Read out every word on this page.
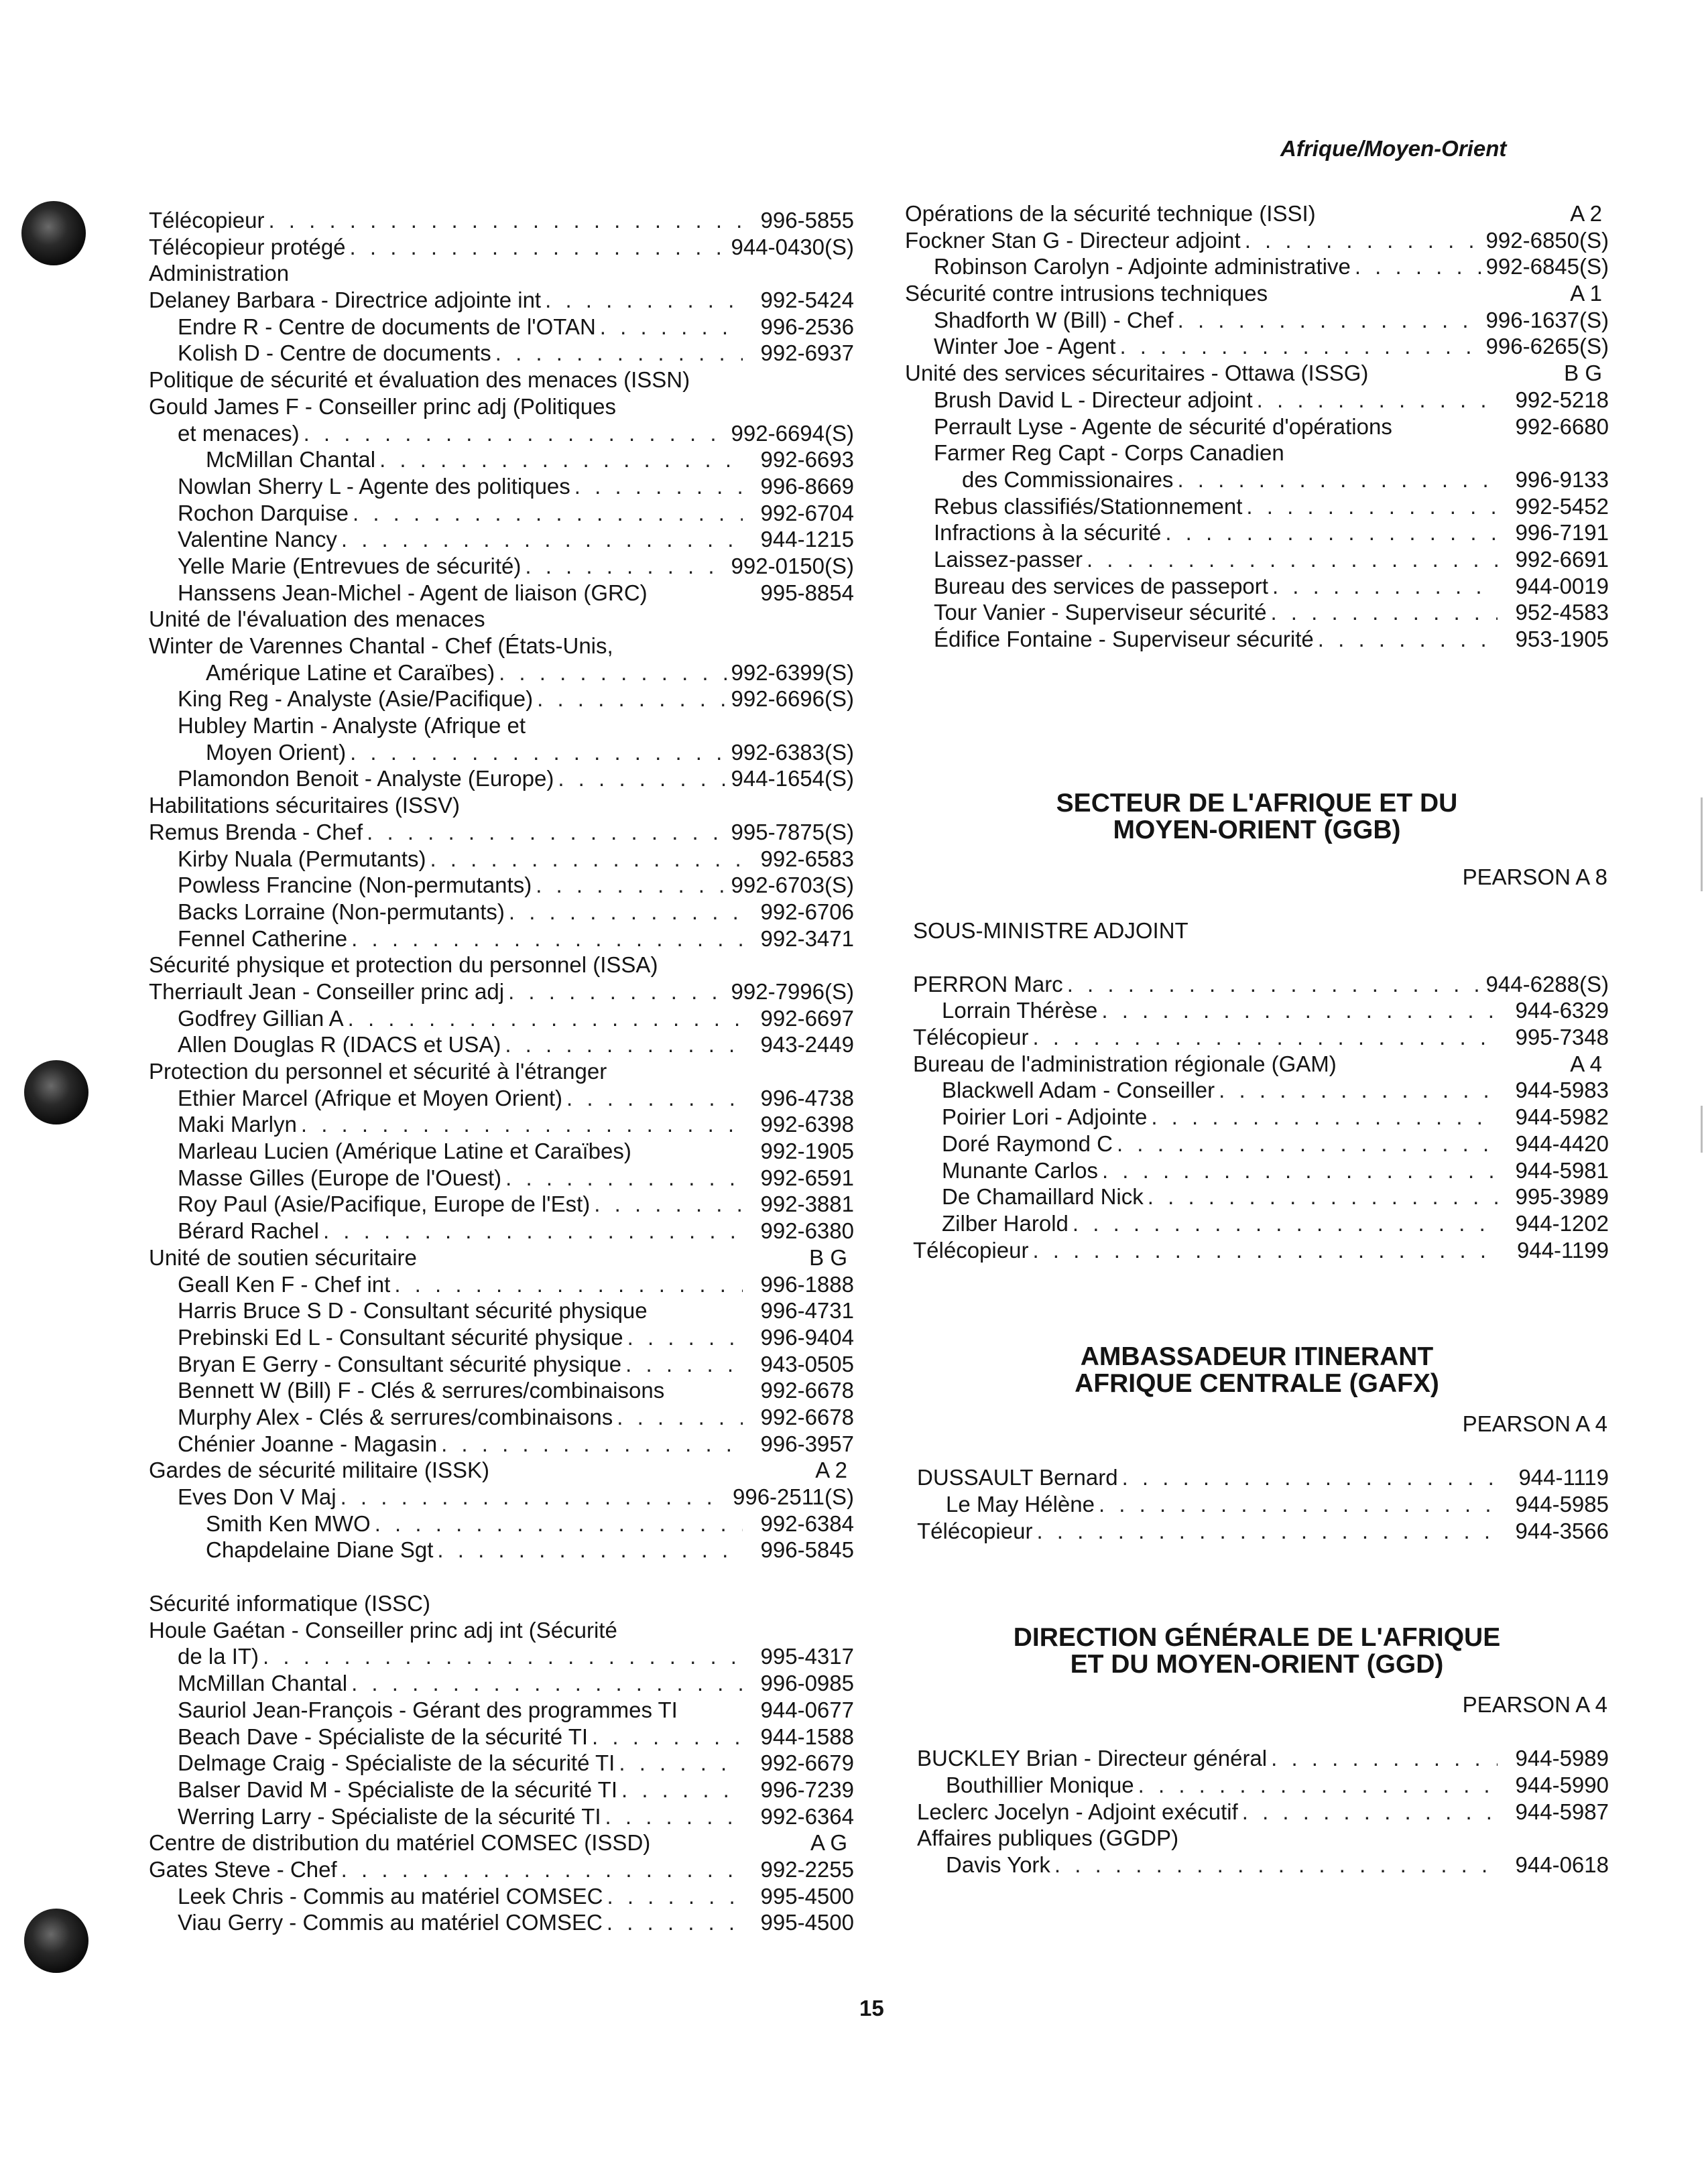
Afrique/Moyen-Orient
Télécopieur . . .	996-5855
Télécopieur protégé . . .	944-0430(S)
Administration
Delaney Barbara - Directrice adjointe int . . .	992-5424
Endre R - Centre de documents de l'OTAN . . .	996-2536
Kolish D - Centre de documents . . .	992-6937
Politique de sécurité et évaluation des menaces (ISSN)
Gould James F - Conseiller princ adj (Politiques
et menaces) . . .	992-6694(S)
McMillan Chantal . . .	992-6693
Nowlan Sherry L - Agente des politiques . . .	996-8669
Rochon Darquise . . .	992-6704
Valentine Nancy . . .	944-1215
Yelle Marie (Entrevues de sécurité) . . .	992-0150(S)
Hanssens Jean-Michel - Agent de liaison (GRC)	995-8854
Unité de l'évaluation des menaces
Winter de Varennes Chantal - Chef (États-Unis,
Amérique Latine et Caraïbes) . . .	992-6399(S)
King Reg - Analyste (Asie/Pacifique) . . .	992-6696(S)
Hubley Martin - Analyste (Afrique et
Moyen Orient) . . .	992-6383(S)
Plamondon Benoit - Analyste (Europe) . . .	944-1654(S)
Habilitations sécuritaires (ISSV)
Remus Brenda - Chef . . .	995-7875(S)
Kirby Nuala (Permutants) . . .	992-6583
Powless Francine (Non-permutants) . . .	992-6703(S)
Backs Lorraine (Non-permutants) . . .	992-6706
Fennel Catherine . . .	992-3471
Sécurité physique et protection du personnel (ISSA)
Therriault Jean - Conseiller princ adj . . .	992-7996(S)
Godfrey Gillian A . . .	992-6697
Allen Douglas R (IDACS et USA) . . .	943-2449
Protection du personnel et sécurité à l'étranger
Ethier Marcel (Afrique et Moyen Orient) . . .	996-4738
Maki Marlyn . . .	992-6398
Marleau Lucien (Amérique Latine et Caraïbes)	992-1905
Masse Gilles (Europe de l'Ouest) . . .	992-6591
Roy Paul (Asie/Pacifique, Europe de l'Est) . . .	992-3881
Bérard Rachel . . .	992-6380
Unité de soutien sécuritaire	B G
Geall Ken F - Chef int . . .	996-1888
Harris Bruce S D - Consultant sécurité physique	996-4731
Prebinski Ed L - Consultant sécurité physique . . .	996-9404
Bryan E Gerry - Consultant sécurité physique . . .	943-0505
Bennett W (Bill) F - Clés & serrures/combinaisons	992-6678
Murphy Alex - Clés & serrures/combinaisons . . .	992-6678
Chénier Joanne - Magasin . . .	996-3957
Gardes de sécurité militaire (ISSK)	A 2
Eves Don V Maj . . .	996-2511(S)
Smith Ken MWO . . .	992-6384
Chapdelaine Diane Sgt . . .	996-5845
Sécurité informatique (ISSC)
Houle Gaétan - Conseiller princ adj int (Sécurité
de la IT) . . .	995-4317
McMillan Chantal . . .	996-0985
Sauriol Jean-François - Gérant des programmes TI	944-0677
Beach Dave - Spécialiste de la sécurité TI . . .	944-1588
Delmage Craig - Spécialiste de la sécurité TI . . .	992-6679
Balser David M - Spécialiste de la sécurité TI . . .	996-7239
Werring Larry - Spécialiste de la sécurité TI . . .	992-6364
Centre de distribution du matériel COMSEC (ISSD)	A G
Gates Steve - Chef . . .	992-2255
Leek Chris - Commis au matériel COMSEC . . .	995-4500
Viau Gerry - Commis au matériel COMSEC . . .	995-4500
Opérations de la sécurité technique (ISSI)	A 2
Fockner Stan G - Directeur adjoint . . .	992-6850(S)
Robinson Carolyn - Adjointe administrative . . .	992-6845(S)
Sécurité contre intrusions techniques	A 1
Shadforth W (Bill) - Chef . . .	996-1637(S)
Winter Joe - Agent . . .	996-6265(S)
Unité des services sécuritaires - Ottawa (ISSG)	B G
Brush David L - Directeur adjoint . . .	992-5218
Perrault Lyse - Agente de sécurité d'opérations	992-6680
Farmer Reg Capt - Corps Canadien
des Commissionaires . . .	996-9133
Rebus classifiés/Stationnement . . .	992-5452
Infractions à la sécurité . . .	996-7191
Laissez-passer . . .	992-6691
Bureau des services de passeport . . .	944-0019
Tour Vanier - Superviseur sécurité . . .	952-4583
Édifice Fontaine - Superviseur sécurité . . .	953-1905
SECTEUR DE L'AFRIQUE ET DU
MOYEN-ORIENT (GGB)
PEARSON A 8
SOUS-MINISTRE ADJOINT
PERRON Marc . . .	944-6288(S)
Lorrain Thérèse . . .	944-6329
Télécopieur . . .	995-7348
Bureau de l'administration régionale (GAM)	A 4
Blackwell Adam - Conseiller . . .	944-5983
Poirier Lori - Adjointe . . .	944-5982
Doré Raymond C . . .	944-4420
Munante Carlos . . .	944-5981
De Chamaillard Nick . . .	995-3989
Zilber Harold . . .	944-1202
Télécopieur . . .	944-1199
AMBASSADEUR ITINERANT
AFRIQUE CENTRALE (GAFX)
PEARSON A 4
DUSSAULT Bernard . . .	944-1119
Le May Hélène . . .	944-5985
Télécopieur . . .	944-3566
DIRECTION GÉNÉRALE DE L'AFRIQUE
ET DU MOYEN-ORIENT (GGD)
PEARSON A 4
BUCKLEY Brian - Directeur général . . .	944-5989
Bouthillier Monique . . .	944-5990
Leclerc Jocelyn - Adjoint exécutif . . .	944-5987
Affaires publiques (GGDP)
Davis York . . .	944-0618
15
